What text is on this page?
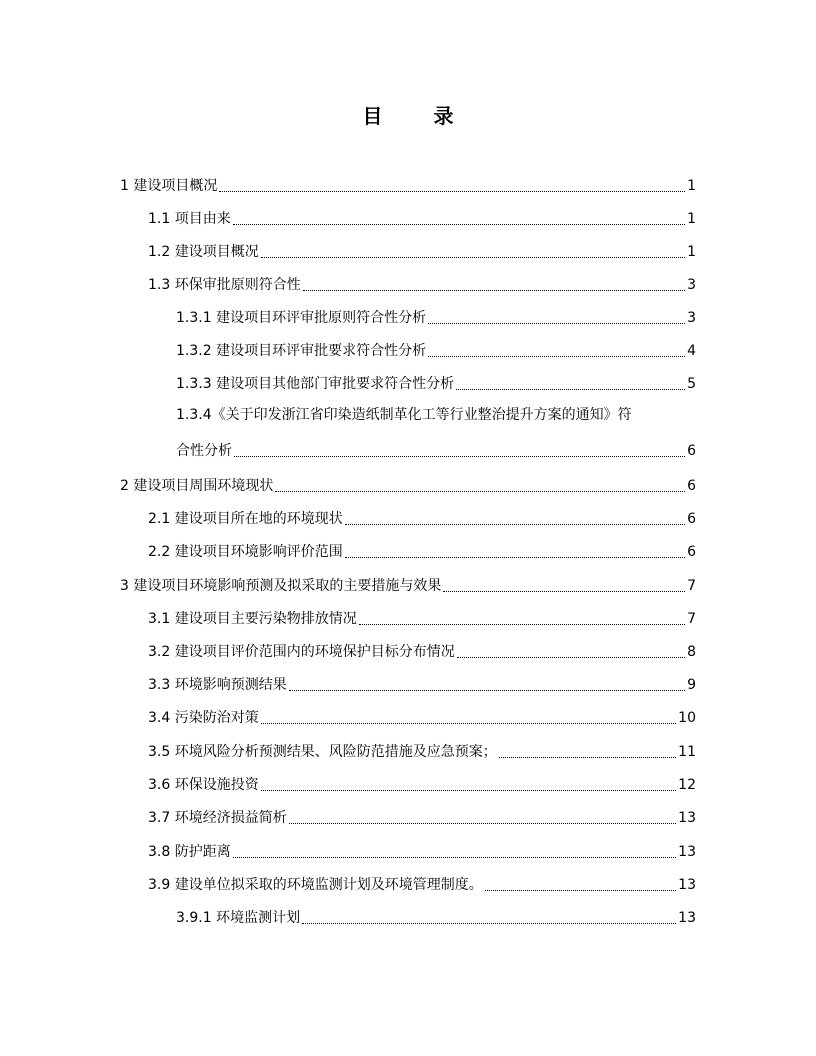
目 录
1 建设项目概况	1
1.1 项目由来	1
1.2 建设项目概况	1
1.3 环保审批原则符合性	3
1.3.1 建设项目环评审批原则符合性分析	3
1.3.2 建设项目环评审批要求符合性分析	4
1.3.3 建设项目其他部门审批要求符合性分析	5
1.3.4《关于印发浙江省印染造纸制革化工等行业整治提升方案的通知》符
合性分析	6
2 建设项目周围环境现状	6
2.1 建设项目所在地的环境现状	6
2.2 建设项目环境影响评价范围	6
3 建设项目环境影响预测及拟采取的主要措施与效果	7
3.1 建设项目主要污染物排放情况	7
3.2 建设项目评价范围内的环境保护目标分布情况	8
3.3 环境影响预测结果	9
3.4 污染防治对策	10
3.5 环境风险分析预测结果、风险防范措施及应急预案；	11
3.6 环保设施投资	12
3.7 环境经济损益简析	13
3.8 防护距离	13
3.9 建设单位拟采取的环境监测计划及环境管理制度。	13
3.9.1 环境监测计划	13
